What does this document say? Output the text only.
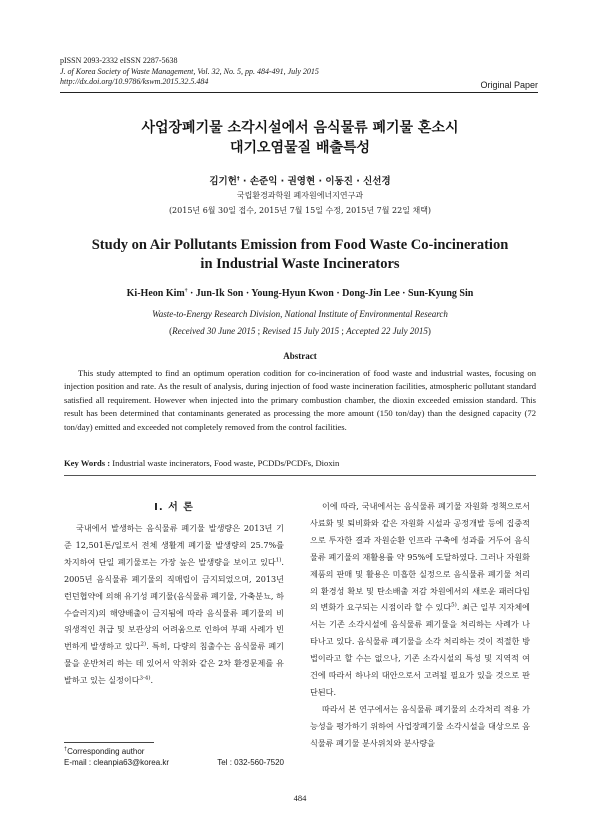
pISSN 2093-2332 eISSN 2287-5638
J. of Korea Society of Waste Management, Vol. 32, No. 5, pp. 484-491, July 2015
http://dx.doi.org/10.9786/kswm.2015.32.5.484	Original Paper
사업장폐기물 소각시설에서 음식물류 폐기물 혼소시
대기오염물질 배출특성
김기헌† · 손준익 · 권영현 · 이동진 · 신선경
국립환경과학원 폐자원에너지연구과
(2015년 6월 30일 접수, 2015년 7월 15일 수정, 2015년 7월 22일 채택)
Study on Air Pollutants Emission from Food Waste Co-incineration
in Industrial Waste Incinerators
Ki-Heon Kim† · Jun-Ik Son · Young-Hyun Kwon · Dong-Jin Lee · Sun-Kyung Sin
Waste-to-Energy Research Division, National Institute of Environmental Research
(Received 30 June 2015 ; Revised 15 July 2015 ; Accepted 22 July 2015)
Abstract
This study attempted to find an optimum operation codition for co-incineration of food waste and industrial wastes, focusing on injection position and rate. As the result of analysis, during injection of food waste incineration facilities, atmospheric pollutant standard satisfied all requirement. However when injected into the primary combustion chamber, the dioxin exceeded emission standard. This result has been determined that contaminants generated as processing the more amount (150 ton/day) than the designed capacity (72 ton/day) emitted and exceeded not completely removed from the control facilities.
Key Words : Industrial waste incinerators, Food waste, PCDDs/PCDFs, Dioxin
I. 서 론

국내에서 발생하는 음식물류 폐기물 발생량은 2013년 기준 12,501톤/일로서 전체 생활계 폐기물 발생량의 25.7%를 차지하여 단일 폐기물로는 가장 높은 발생량을 보이고 있다$^{1)}$. 2005년 음식물류 폐기물의 직매립이 금지되었으며, 2013년 런던협약에 의해 유기성 폐기물(음식물류 폐기물, 가축분뇨, 하수슬러지)의 해양배출이 금지됨에 따라 음식물류 폐기물의 비위생적인 취급 및 보관상의 어려움으로 인하여 부패 사례가 빈번하게 발생하고 있다$^{2)}$. 특히, 다량의 침출수는 음식물류 폐기물을 운반처리 하는 데 있어서 악취와 같은 2차 환경문제를 유발하고 있는 실정이다$^{3-4)}$.

이에 따라, 국내에서는 음식물류 폐기물 자원화 정책으로서 사료화 및 퇴비화와 같은 자원화 시설과 공정개발 등에 집중적으로 투자한 결과 자원순환 인프라 구축에 성과를 거두어 음식물류 폐기물의 재활용률 약 95%에 도달하였다. 그러나 자원화 제품의 판매 및 활용은 미흡한 실정으로 음식물류 폐기물 처리의 환경성 확보 및 탄소배출 저감 차원에서의 새로운 패러다임의 변화가 요구되는 시점이라 할 수 있다$^{5)}$. 최근 일부 지자체에서는 기존 소각시설에 음식물류 폐기물을 처리하는 사례가 나타나고 있다. 음식물류 폐기물을 소각 처리하는 것이 적절한 방법이라고 할 수는 없으나, 기존 소각시설의 특성 및 지역적 여건에 따라서 하나의 대안으로서 고려될 필요가 있을 것으로 판단된다.

따라서 본 연구에서는 음식물류 폐기물의 소각처리 적용 가능성을 평가하기 위하여 사업장폐기물 소각시설을 대상으로 음식물류 폐기물 분사위치와 분사량을

†Corresponding author
E-mail : cleanpia63@korea.kr	Tel : 032-560-7520
484
